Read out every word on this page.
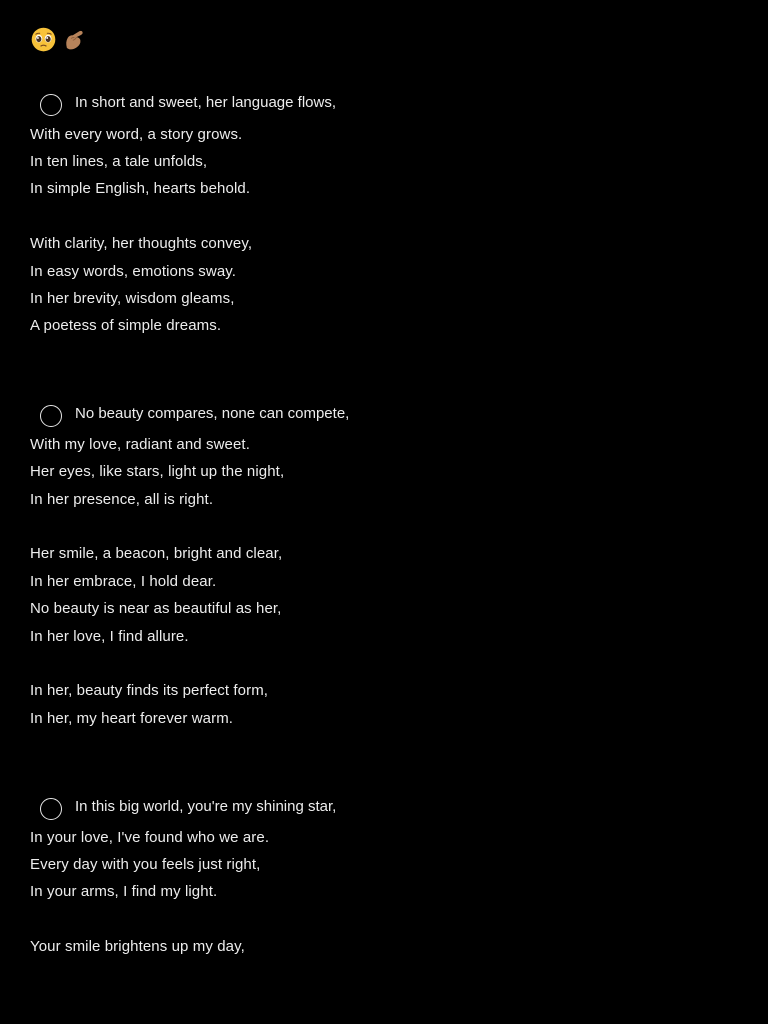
In short and sweet, her language flows,
With every word, a story grows.
In ten lines, a tale unfolds,
In simple English, hearts behold.
With clarity, her thoughts convey,
In easy words, emotions sway.
In her brevity, wisdom gleams,
A poetess of simple dreams.
No beauty compares, none can compete,
With my love, radiant and sweet.
Her eyes, like stars, light up the night,
In her presence, all is right.
Her smile, a beacon, bright and clear,
In her embrace, I hold dear.
No beauty is near as beautiful as her,
In her love, I find allure.
In her, beauty finds its perfect form,
In her, my heart forever warm.
In this big world, you're my shining star,
In your love, I've found who we are.
Every day with you feels just right,
In your arms, I find my light.
Your smile brightens up my day,
